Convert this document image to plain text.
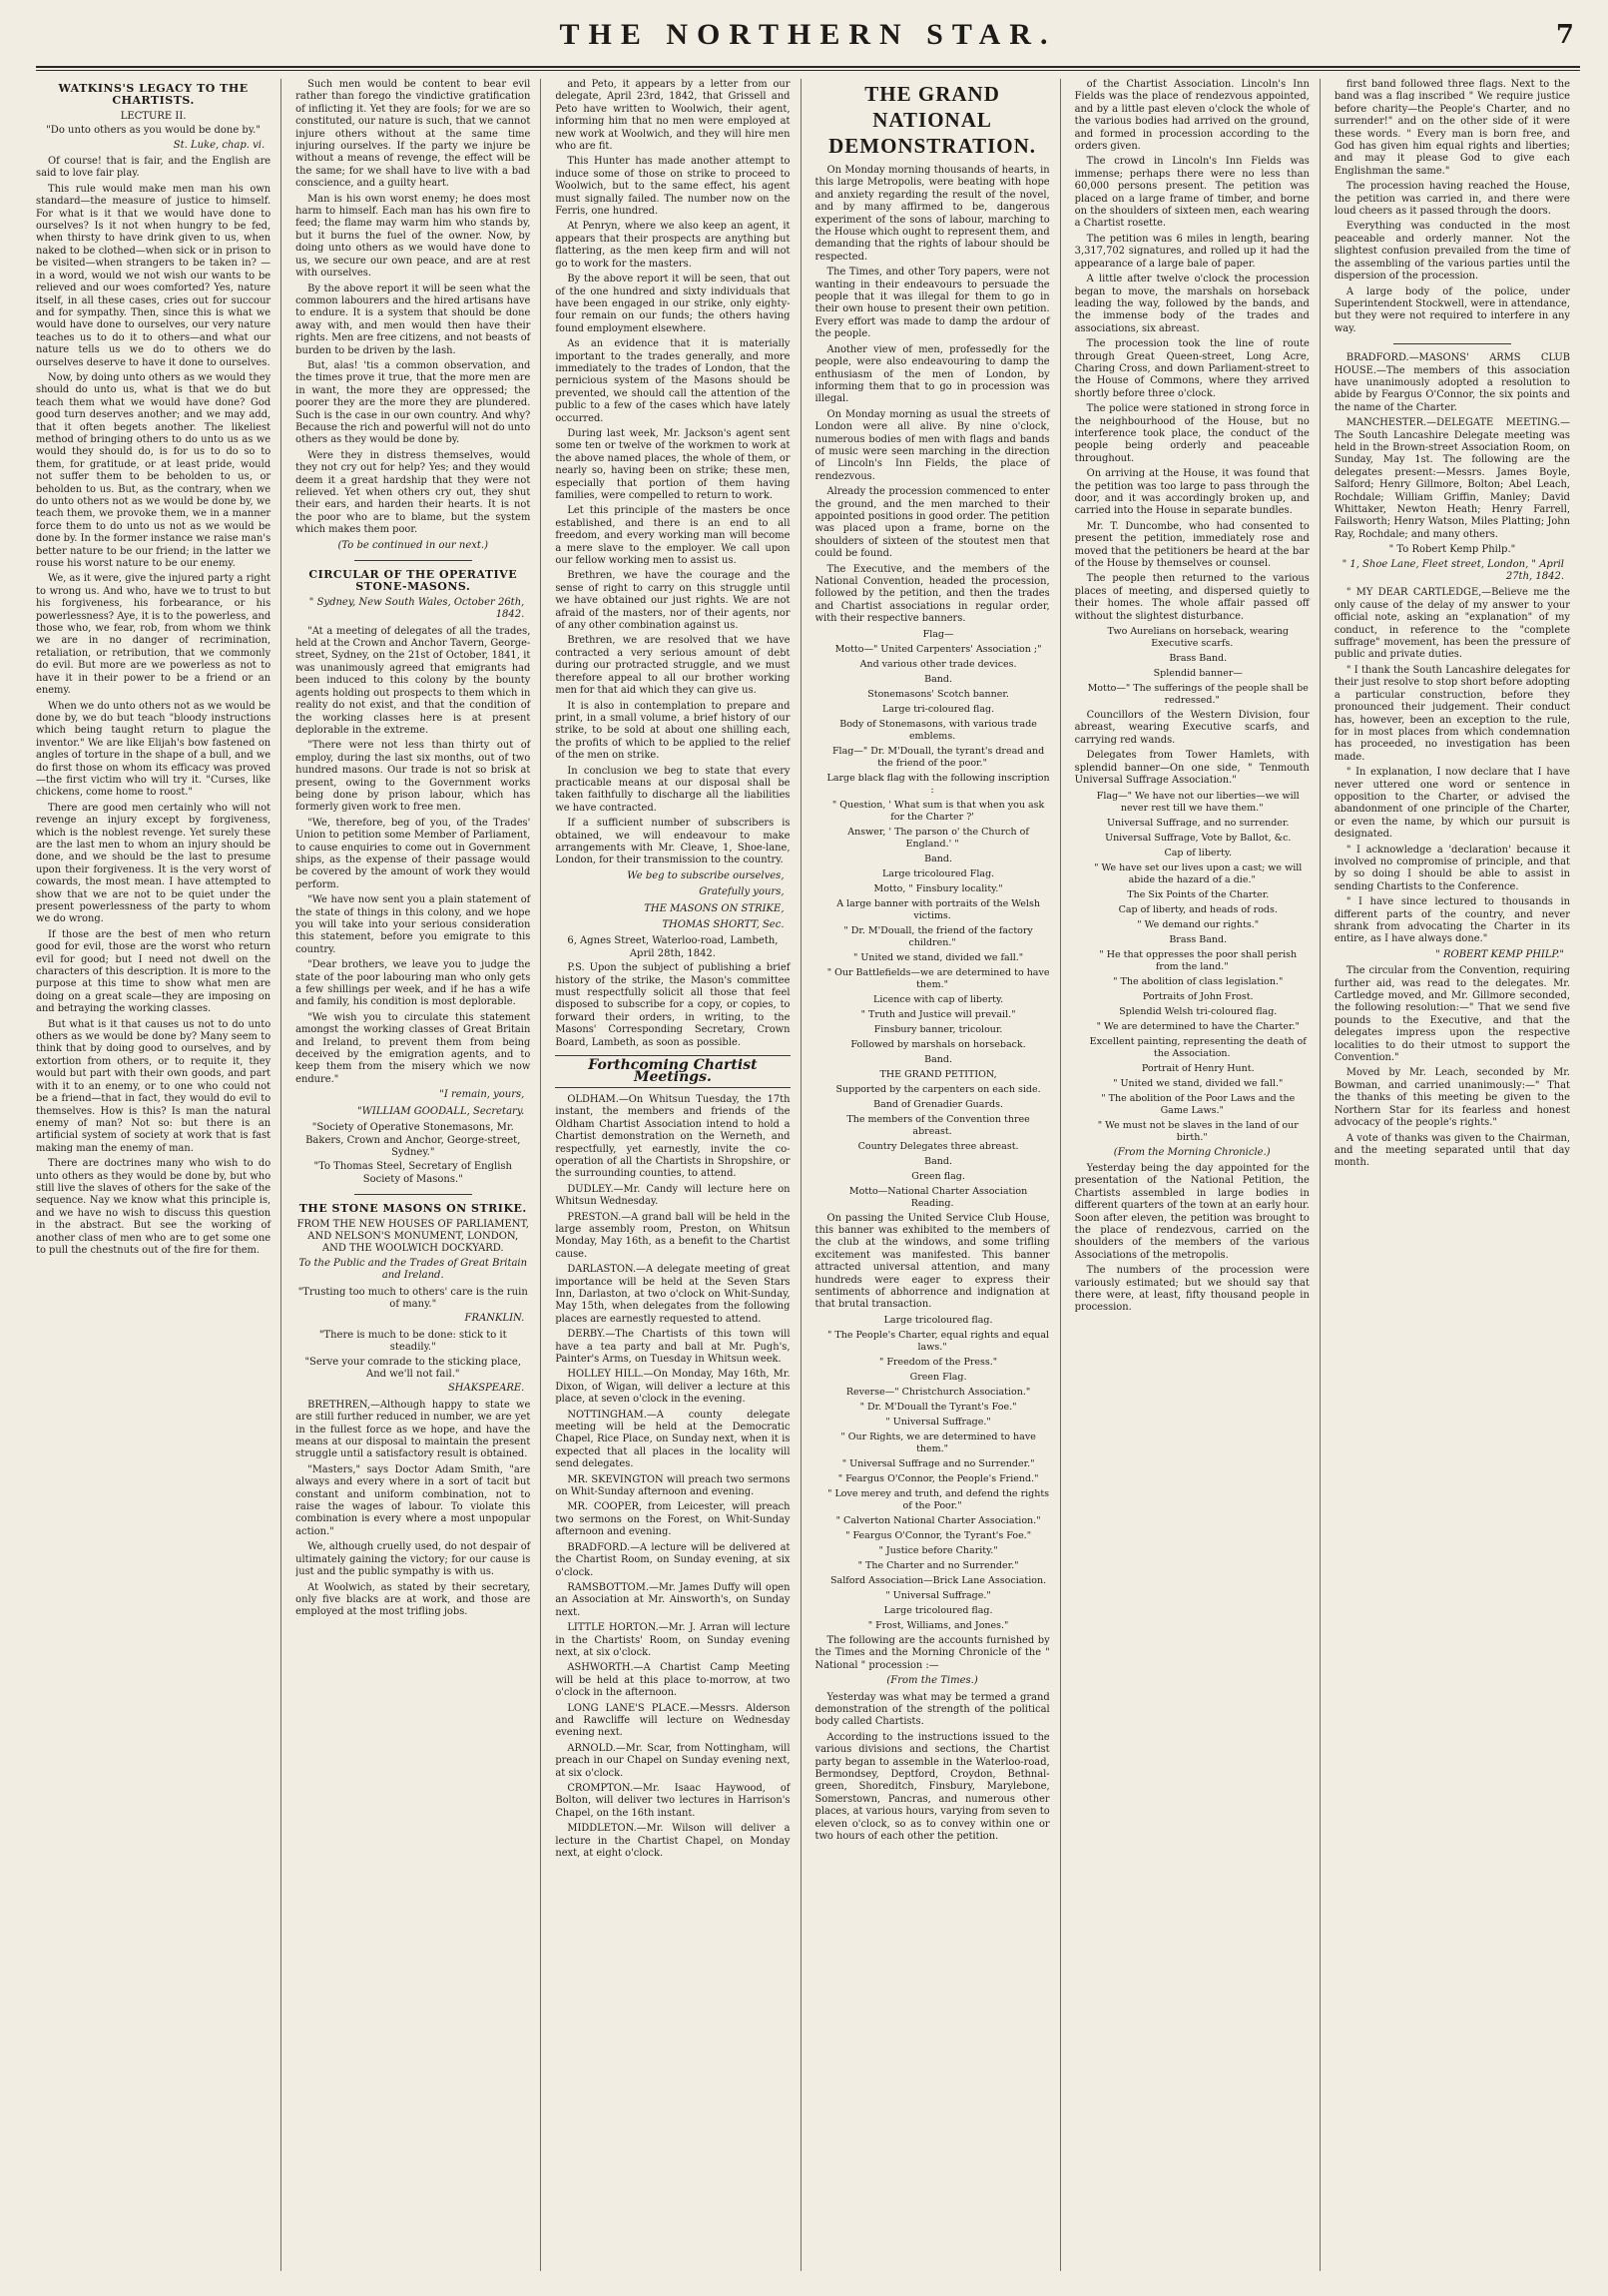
THE NORTHERN STAR.	7
WATKINS'S LEGACY TO THE CHARTISTS.
LECTURE II.
"Do unto others as you would be done by."
St. Luke, chap. vi.

Of course! that is fair, and the English are said to love fair play.

This rule would make men man his own standard—the measure of justice to himself. For what is it that we would have done to ourselves? Is it not when hungry to be fed, when thirsty to have drink given to us, when naked to be clothed—when sick or in prison to be visited—when strangers to be taken in? —in a word, would we not wish our wants to be relieved and our woes comforted? Yes, nature itself, in all these cases, cries out for succour and for sympathy. Then, since this is what we would have done to ourselves, our very nature teaches us to do it to others—and what our nature tells us we do to others we do ourselves deserve to have it done to ourselves.

Now, by doing unto others as we would they should do unto us, what is that we do but teach them what we would have done? God good turn deserves another; and we may add, that it often begets another. The likeliest method of bringing others to do unto us as we would they should do, is for us to do so to them, for gratitude, or at least pride, would not suffer them to be beholden to us, or beholden to us. But, as the contrary, when we do unto others not as we would be done by, we teach them, we provoke them, we in a manner force them to do unto us not as we would be done by. In the former instance we raise man's better nature to be our friend; in the latter we rouse his worst nature to be our enemy.

We, as it were, give the injured party a right to wrong us. And who, have we to trust to but his forgiveness, his forbearance, or his powerlessness? Aye, it is to the powerless, and those who, we fear, rob, from whom we think we are in no danger of recrimination, retaliation, or retribution, that we commonly do evil. But more are we powerless as not to have it in their power to be a friend or an enemy.

When we do unto others not as we would be done by, we do but teach "bloody instructions which being taught return to plague the inventor." We are like Elijah's bow fastened on angles of torture in the shape of a bull, and we do first those on whom its efficacy was proved—the first victim who will try it. "Curses, like chickens, come home to roost."

There are good men certainly who will not revenge an injury except by forgiveness, which is the noblest revenge. Yet surely these are the last men to whom an injury should be done, and we should be the last to presume upon their forgiveness. It is the very worst of cowards, the most mean. I have attempted to show that we are not to be quiet under the present powerlessness of the party to whom we do wrong.

If those are the best of men who return good for evil, those are the worst who return evil for good; but I need not dwell on the characters of this description. It is more to the purpose at this time to show what men are doing on a great scale—they are imposing on and betraying the working classes.

But what is it that causes us not to do unto others as we would be done by? Many seem to think that by doing good to ourselves, and by extortion from others, or to requite it, they would but part with their own goods, and part with it to an enemy, or to one who could not be a friend—that in fact, they would do evil to themselves. How is this? Is man the natural enemy of man? Not so: but there is an artificial system of society at work that is fast making man the enemy of man.

There are doctrines many who wish to do unto others as they would be done by, but who still live the slaves of others for the sake of the sequence. Nay we know what this principle is, and we have no wish to discuss this question in the abstract. But see the working of another class of men who are to get some one to pull the chestnuts out of the fire for them.

Such men would be content to bear evil rather than forego the vindictive gratification of inflicting it. Yet they are fools; for we are so constituted, our nature is such, that we cannot injure others without at the same time injuring ourselves. If the party we injure be without a means of revenge, the effect will be the same; for we shall have to live with a bad conscience, and a guilty heart.

Man is his own worst enemy; he does most harm to himself. Each man has his own fire to feed; the flame may warm him who stands by, but it burns the fuel of the owner. Now, by doing unto others as we would have done to us, we secure our own peace, and are at rest with ourselves.

By the above report it will be seen what the common labourers and the hired artisans have to endure. It is a system that should be done away with, and men would then have their rights. Men are free citizens, and not beasts of burden to be driven by the lash.

But, alas! 'tis a common observation, and the times prove it true, that the more men are in want, the more they are oppressed; the poorer they are the more they are plundered. Such is the case in our own country. And why? Because the rich and powerful will not do unto others as they would be done by.

Were they in distress themselves, would they not cry out for help? Yes; and they would deem it a great hardship that they were not relieved. Yet when others cry out, they shut their ears, and harden their hearts. It is not the poor who are to blame, but the system which makes them poor.

(To be continued in our next.)
CIRCULAR OF THE OPERATIVE STONE-MASONS.
" Sydney, New South Wales, October 26th, 1842.

"At a meeting of delegates of all the trades, held at the Crown and Anchor Tavern, George-street, Sydney, on the 21st of October, 1841, it was unanimously agreed that emigrants had been induced to this colony by the bounty agents holding out prospects to them which in reality do not exist, and that the condition of the working classes here is at present deplorable in the extreme.

"There were not less than thirty out of employ, during the last six months, out of two hundred masons. Our trade is not so brisk at present, owing to the Government works being done by prison labour, which has formerly given work to free men.

"We, therefore, beg of you, of the Trades' Union to petition some Member of Parliament, to cause enquiries to come out in Government ships, as the expense of their passage would be covered by the amount of work they would perform.

"We have now sent you a plain statement of the state of things in this colony, and we hope you will take into your serious consideration this statement, before you emigrate to this country.

"Dear brothers, we leave you to judge the state of the poor labouring man who only gets a few shillings per week, and if he has a wife and family, his condition is most deplorable.

"We wish you to circulate this statement amongst the working classes of Great Britain and Ireland, to prevent them from being deceived by the emigration agents, and to keep them from the misery which we now endure."

"I remain, yours,
"WILLIAM GOODALL, Secretary.
"Society of Operative Stonemasons, Mr. Bakers, Crown and Anchor, George-street, Sydney."
"To Thomas Steel, Secretary of English Society of Masons."
THE STONE MASONS ON STRIKE.
FROM THE NEW HOUSES OF PARLIAMENT, AND NELSON'S MONUMENT, LONDON, AND THE WOOLWICH DOCKYARD.
To the Public and the Trades of Great Britain and Ireland.
"Trusting too much to others' care is the ruin of many."
FRANKLIN.
"There is much to be done: stick to it steadily."
"Serve your comrade to the sticking place, And we'll not fail."
SHAKSPEARE.

BRETHREN,—Although happy to state we are still further reduced in number, we are yet in the fullest force as we hope, and have the means at our disposal to maintain the present struggle until a satisfactory result is obtained.

"Masters," says Doctor Adam Smith, "are always and every where in a sort of tacit but constant and uniform combination, not to raise the wages of labour. To violate this combination is every where a most unpopular action."

We, although cruelly used, do not despair of ultimately gaining the victory; for our cause is just and the public sympathy is with us.

At Woolwich, as stated by their secretary, only five blacks are at work, and those are employed at the most trifling jobs.

and Peto, it appears by a letter from our delegate, April 23rd, 1842, that Grissell and Peto have written to Woolwich, their agent, informing him that no men were employed at new work at Woolwich, and they will hire men who are fit.

This Hunter has made another attempt to induce some of those on strike to proceed to Woolwich, but to the same effect, his agent must signally failed. The number now on the Ferris, one hundred.

At Penryn, where we also keep an agent, it appears that their prospects are anything but flattering, as the men keep firm and will not go to work for the masters.

By the above report it will be seen, that out of the one hundred and sixty individuals that have been engaged in our strike, only eighty-four remain on our funds; the others having found employment elsewhere.

As an evidence that it is materially important to the trades generally, and more immediately to the trades of London, that the pernicious system of the Masons should be prevented, we should call the attention of the public to a few of the cases which have lately occurred.

During last week, Mr. Jackson's agent sent some ten or twelve of the workmen to work at the above named places, the whole of them, or nearly so, having been on strike; these men, especially that portion of them having families, were compelled to return to work.

Let this principle of the masters be once established, and there is an end to all freedom, and every working man will become a mere slave to the employer. We call upon our fellow working men to assist us.

Brethren, we have the courage and the sense of right to carry on this struggle until we have obtained our just rights. We are not afraid of the masters, nor of their agents, nor of any other combination against us.

Brethren, we are resolved that we have contracted a very serious amount of debt during our protracted struggle, and we must therefore appeal to all our brother working men for that aid which they can give us.

It is also in contemplation to prepare and print, in a small volume, a brief history of our strike, to be sold at about one shilling each, the profits of which to be applied to the relief of the men on strike.

In conclusion we beg to state that every practicable means at our disposal shall be taken faithfully to discharge all the liabilities we have contracted.

If a sufficient number of subscribers is obtained, we will endeavour to make arrangements with Mr. Cleave, 1, Shoe-lane, London, for their transmission to the country.

We beg to subscribe ourselves,
Gratefully yours,
THE MASONS ON STRIKE,
THOMAS SHORTT, Sec.
6, Agnes Street, Waterloo-road, Lambeth, April 28th, 1842.

P.S. Upon the subject of publishing a brief history of the strike, the Mason's committee must respectfully solicit all those that feel disposed to subscribe for a copy, or copies, to forward their orders, in writing, to the Masons' Corresponding Secretary, Crown Board, Lambeth, as soon as possible.

Forthcoming Chartist Meetings.

OLDHAM.—On Whitsun Tuesday, the 17th instant, the members and friends of the Oldham Chartist Association intend to hold a Chartist demonstration on the Werneth, and respectfully, yet earnestly, invite the co-operation of all the Chartists in Shropshire, or the surrounding counties, to attend.

DUDLEY.—Mr. Candy will lecture here on Whitsun Wednesday.

PRESTON.—A grand ball will be held in the large assembly room, Preston, on Whitsun Monday, May 16th, as a benefit to the Chartist cause.

DARLASTON.—A delegate meeting of great importance will be held at the Seven Stars Inn, Darlaston, at two o'clock on Whit-Sunday, May 15th, when delegates from the following places are earnestly requested to attend.

DERBY.—The Chartists of this town will have a tea party and ball at Mr. Pugh's, Painter's Arms, on Tuesday in Whitsun week.

HOLLEY HILL.—On Monday, May 16th, Mr. Dixon, of Wigan, will deliver a lecture at this place, at seven o'clock in the evening.

NOTTINGHAM.—A county delegate meeting will be held at the Democratic Chapel, Rice Place, on Sunday next, when it is expected that all places in the locality will send delegates.

MR. SKEVINGTON will preach two sermons on Whit-Sunday afternoon and evening.

MR. COOPER, from Leicester, will preach two sermons on the Forest, on Whit-Sunday afternoon and evening.

BRADFORD.—A lecture will be delivered at the Chartist Room, on Sunday evening, at six o'clock.

RAMSBOTTOM.—Mr. James Duffy will open an Association at Mr. Ainsworth's, on Sunday next.

LITTLE HORTON.—Mr. J. Arran will lecture in the Chartists' Room, on Sunday evening next, at six o'clock.

ASHWORTH.—A Chartist Camp Meeting will be held at this place to-morrow, at two o'clock in the afternoon.

LONG LANE'S PLACE.—Messrs. Alderson and Rawcliffe will lecture on Wednesday evening next.

ARNOLD.—Mr. Scar, from Nottingham, will preach in our Chapel on Sunday evening next, at six o'clock.

CROMPTON.—Mr. Isaac Haywood, of Bolton, will deliver two lectures in Harrison's Chapel, on the 16th instant.

MIDDLETON.—Mr. Wilson will deliver a lecture in the Chartist Chapel, on Monday next, at eight o'clock.

THE GRAND NATIONAL DEMONSTRATION.

On Monday morning thousands of hearts, in this large Metropolis, were beating with hope and anxiety regarding the result of the novel, and by many affirmed to be, dangerous experiment of the sons of labour, marching to the House which ought to represent them, and demanding that the rights of labour should be respected.

The Times, and other Tory papers, were not wanting in their endeavours to persuade the people that it was illegal for them to go in their own house to present their own petition. Every effort was made to damp the ardour of the people.

Another view of men, professedly for the people, were also endeavouring to damp the enthusiasm of the men of London, by informing them that to go in procession was illegal.

On Monday morning as usual the streets of London were all alive. By nine o'clock, numerous bodies of men with flags and bands of music were seen marching in the direction of Lincoln's Inn Fields, the place of rendezvous.

Already the procession commenced to enter the ground, and the men marched to their appointed positions in good order. The petition was placed upon a frame, borne on the shoulders of sixteen of the stoutest men that could be found.

The Executive, and the members of the National Convention, headed the procession, followed by the petition, and then the trades and Chartist associations in regular order, with their respective banners.

Flag—

Motto—" United Carpenters' Association ;"

And various other trade devices.

Band.

Stonemasons' Scotch banner.

Large tri-coloured flag.

Body of Stonemasons, with various trade emblems.

Flag—" Dr. M'Douall, the tyrant's dread and the friend of the poor."

Large black flag with the following inscription :

" Question, ' What sum is that when you ask for the Charter ?'

Answer, ' The parson o' the Church of England.' "

Band.

Large tricoloured Flag.

Motto, " Finsbury locality."

A large banner with portraits of the Welsh victims.

" Dr. M'Douall, the friend of the factory children."

" United we stand, divided we fall."

" Our Battlefields—we are determined to have them."

Licence with cap of liberty.

" Truth and Justice will prevail."

Finsbury banner, tricolour.

Followed by marshals on horseback.

Band.

THE GRAND PETITION,

Supported by the carpenters on each side.

Band of Grenadier Guards.

The members of the Convention three abreast.

Country Delegates three abreast.

Band.

Green flag.

Motto—National Charter Association Reading.

On passing the United Service Club House, this banner was exhibited to the members of the club at the windows, and some trifling excitement was manifested. This banner attracted universal attention, and many hundreds were eager to express their sentiments of abhorrence and indignation at that brutal transaction.

Large tricoloured flag.

" The People's Charter, equal rights and equal laws."

" Freedom of the Press."

Green Flag.

Reverse—" Christchurch Association."

" Dr. M'Douall the Tyrant's Foe."

" Universal Suffrage."

" Our Rights, we are determined to have them."

" Universal Suffrage and no Surrender."

" Feargus O'Connor, the People's Friend."

" Love merey and truth, and defend the rights of the Poor."

" Calverton National Charter Association."

" Feargus O'Connor, the Tyrant's Foe."

" Justice before Charity."

" The Charter and no Surrender."

Salford Association—Brick Lane Association.

" Universal Suffrage."

Large tricoloured flag.

" Frost, Williams, and Jones."

The following are the accounts furnished by the Times and the Morning Chronicle of the " National " procession :—

(From the Times.)

Yesterday was what may be termed a grand demonstration of the strength of the political body called Chartists.

According to the instructions issued to the various divisions and sections, the Chartist party began to assemble in the Waterloo-road, Bermondsey, Deptford, Croydon, Bethnal-green, Shoreditch, Finsbury, Marylebone, Somerstown, Pancras, and numerous other places, at various hours, varying from seven to eleven o'clock, so as to convey within one or two hours of each other the petition.

of the Chartist Association. Lincoln's Inn Fields was the place of rendezvous appointed, and by a little past eleven o'clock the whole of the various bodies had arrived on the ground, and formed in procession according to the orders given.

The crowd in Lincoln's Inn Fields was immense; perhaps there were no less than 60,000 persons present. The petition was placed on a large frame of timber, and borne on the shoulders of sixteen men, each wearing a Chartist rosette.

The petition was 6 miles in length, bearing 3,317,702 signatures, and rolled up it had the appearance of a large bale of paper.

A little after twelve o'clock the procession began to move, the marshals on horseback leading the way, followed by the bands, and the immense body of the trades and associations, six abreast.

The procession took the line of route through Great Queen-street, Long Acre, Charing Cross, and down Parliament-street to the House of Commons, where they arrived shortly before three o'clock.

The police were stationed in strong force in the neighbourhood of the House, but no interference took place, the conduct of the people being orderly and peaceable throughout.

On arriving at the House, it was found that the petition was too large to pass through the door, and it was accordingly broken up, and carried into the House in separate bundles.

Mr. T. Duncombe, who had consented to present the petition, immediately rose and moved that the petitioners be heard at the bar of the House by themselves or counsel.

The people then returned to the various places of meeting, and dispersed quietly to their homes. The whole affair passed off without the slightest disturbance.

Two Aurelians on horseback, wearing Executive scarfs.

Brass Band.

Splendid banner—

Motto—" The sufferings of the people shall be redressed."

Councillors of the Western Division, four abreast, wearing Executive scarfs, and carrying red wands.

Delegates from Tower Hamlets, with splendid banner—On one side, " Tenmouth Universal Suffrage Association."

Flag—" We have not our liberties—we will never rest till we have them."

Universal Suffrage, and no surrender.

Universal Suffrage, Vote by Ballot, &c.

Cap of liberty.

" We have set our lives upon a cast; we will abide the hazard of a die."

The Six Points of the Charter.

Cap of liberty, and heads of rods.

" We demand our rights."

Brass Band.

" He that oppresses the poor shall perish from the land."

" The abolition of class legislation."

Portraits of John Frost.

Splendid Welsh tri-coloured flag.

" We are determined to have the Charter."

Excellent painting, representing the death of the Association.

Portrait of Henry Hunt.

" United we stand, divided we fall."

" The abolition of the Poor Laws and the Game Laws."

" We must not be slaves in the land of our birth."

(From the Morning Chronicle.)

Yesterday being the day appointed for the presentation of the National Petition, the Chartists assembled in large bodies in different quarters of the town at an early hour. Soon after eleven, the petition was brought to the place of rendezvous, carried on the shoulders of the members of the various Associations of the metropolis.

The numbers of the procession were variously estimated; but we should say that there were, at least, fifty thousand people in procession.

first band followed three flags. Next to the band was a flag inscribed " We require justice before charity—the People's Charter, and no surrender!" and on the other side of it were these words. " Every man is born free, and God has given him equal rights and liberties; and may it please God to give each Englishman the same."

The procession having reached the House, the petition was carried in, and there were loud cheers as it passed through the doors.

Everything was conducted in the most peaceable and orderly manner. Not the slightest confusion prevailed from the time of the assembling of the various parties until the dispersion of the procession.

A large body of the police, under Superintendent Stockwell, were in attendance, but they were not required to interfere in any way.

BRADFORD.—MASONS' ARMS CLUB HOUSE.—The members of this association have unanimously adopted a resolution to abide by Feargus O'Connor, the six points and the name of the Charter.

MANCHESTER.—DELEGATE MEETING.—The South Lancashire Delegate meeting was held in the Brown-street Association Room, on Sunday, May 1st. The following are the delegates present:—Messrs. James Boyle, Salford; Henry Gillmore, Bolton; Abel Leach, Rochdale; William Griffin, Manley; David Whittaker, Newton Heath; Henry Farrell, Failsworth; Henry Watson, Miles Platting; John Ray, Rochdale; and many others.

" To Robert Kemp Philp."
" 1, Shoe Lane, Fleet street, London, " April 27th, 1842.

" MY DEAR CARTLEDGE,—Believe me the only cause of the delay of my answer to your official note, asking an "explanation" of my conduct, in reference to the "complete suffrage" movement, has been the pressure of public and private duties.

" I thank the South Lancashire delegates for their just resolve to stop short before adopting a particular construction, before they pronounced their judgement. Their conduct has, however, been an exception to the rule, for in most places from which condemnation has proceeded, no investigation has been made.

" In explanation, I now declare that I have never uttered one word or sentence in opposition to the Charter, or advised the abandonment of one principle of the Charter, or even the name, by which our pursuit is designated.

" I acknowledge a 'declaration' because it involved no compromise of principle, and that by so doing I should be able to assist in sending Chartists to the Conference.

" I have since lectured to thousands in different parts of the country, and never shrank from advocating the Charter in its entire, as I have always done."

" ROBERT KEMP PHILP."

The circular from the Convention, requiring further aid, was read to the delegates. Mr. Cartledge moved, and Mr. Gillmore seconded, the following resolution:—" That we send five pounds to the Executive, and that the delegates impress upon the respective localities to do their utmost to support the Convention."

Moved by Mr. Leach, seconded by Mr. Bowman, and carried unanimously:—" That the thanks of this meeting be given to the Northern Star for its fearless and honest advocacy of the people's rights."

A vote of thanks was given to the Chairman, and the meeting separated until that day month.
